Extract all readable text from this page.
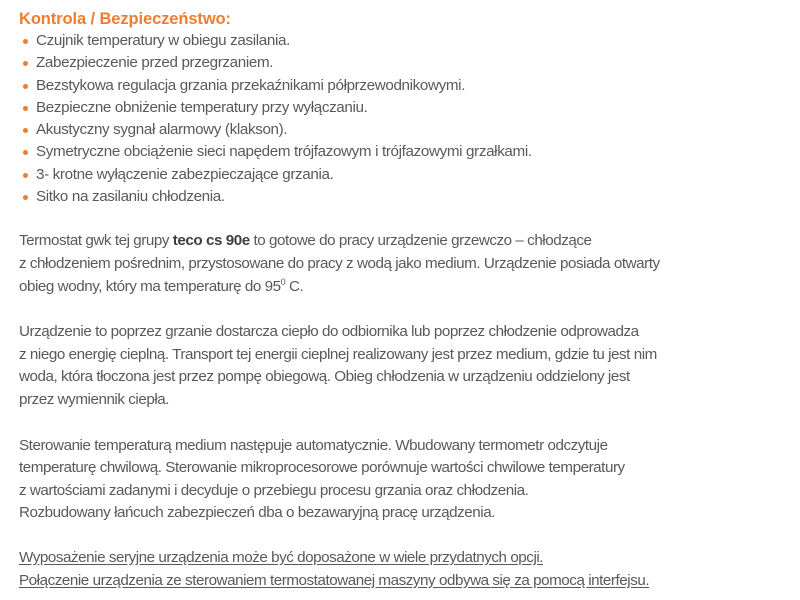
Kontrola / Bezpieczeństwo:
Czujnik temperatury w obiegu zasilania.
Zabezpieczenie przed przegrzaniem.
Bezstykowa regulacja grzania przekaźnikami półprzewodnikowymi.
Bezpieczne obniżenie temperatury przy wyłączaniu.
Akustyczny sygnał alarmowy (klakson).
Symetryczne obciążenie sieci napędem trójfazowym i trójfazowymi grzałkami.
3- krotne wyłączenie zabezpieczające grzania.
Sitko na zasilaniu chłodzenia.

Termostat gwk tej grupy teco cs 90e to gotowe do pracy urządzenie grzewczo – chłodzące
z chłodzeniem pośrednim, przystosowane do pracy z wodą jako medium. Urządzenie posiada otwarty
obieg wodny, który ma temperaturę do $95^0$ C.

Urządzenie to poprzez grzanie dostarcza ciepło do odbiornika lub poprzez chłodzenie odprowadza
z niego energię cieplną. Transport tej energii cieplnej realizowany jest przez medium, gdzie tu jest nim
woda, która tłoczona jest przez pompę obiegową. Obieg chłodzenia w urządzeniu oddzielony jest
przez wymiennik ciepła.

Sterowanie temperaturą medium następuje automatycznie. Wbudowany termometr odczytuje
temperaturę chwilową. Sterowanie mikroprocesorowe porównuje wartości chwilowe temperatury
z wartościami zadanymi i decyduje o przebiegu procesu grzania oraz chłodzenia.
Rozbudowany łańcuch zabezpieczeń dba o bezawaryjną pracę urządzenia.

Wyposażenie seryjne urządzenia może być doposażone w wiele przydatnych opcji.
Połączenie urządzenia ze sterowaniem termostatowanej maszyny odbywa się za pomocą interfejsu.
